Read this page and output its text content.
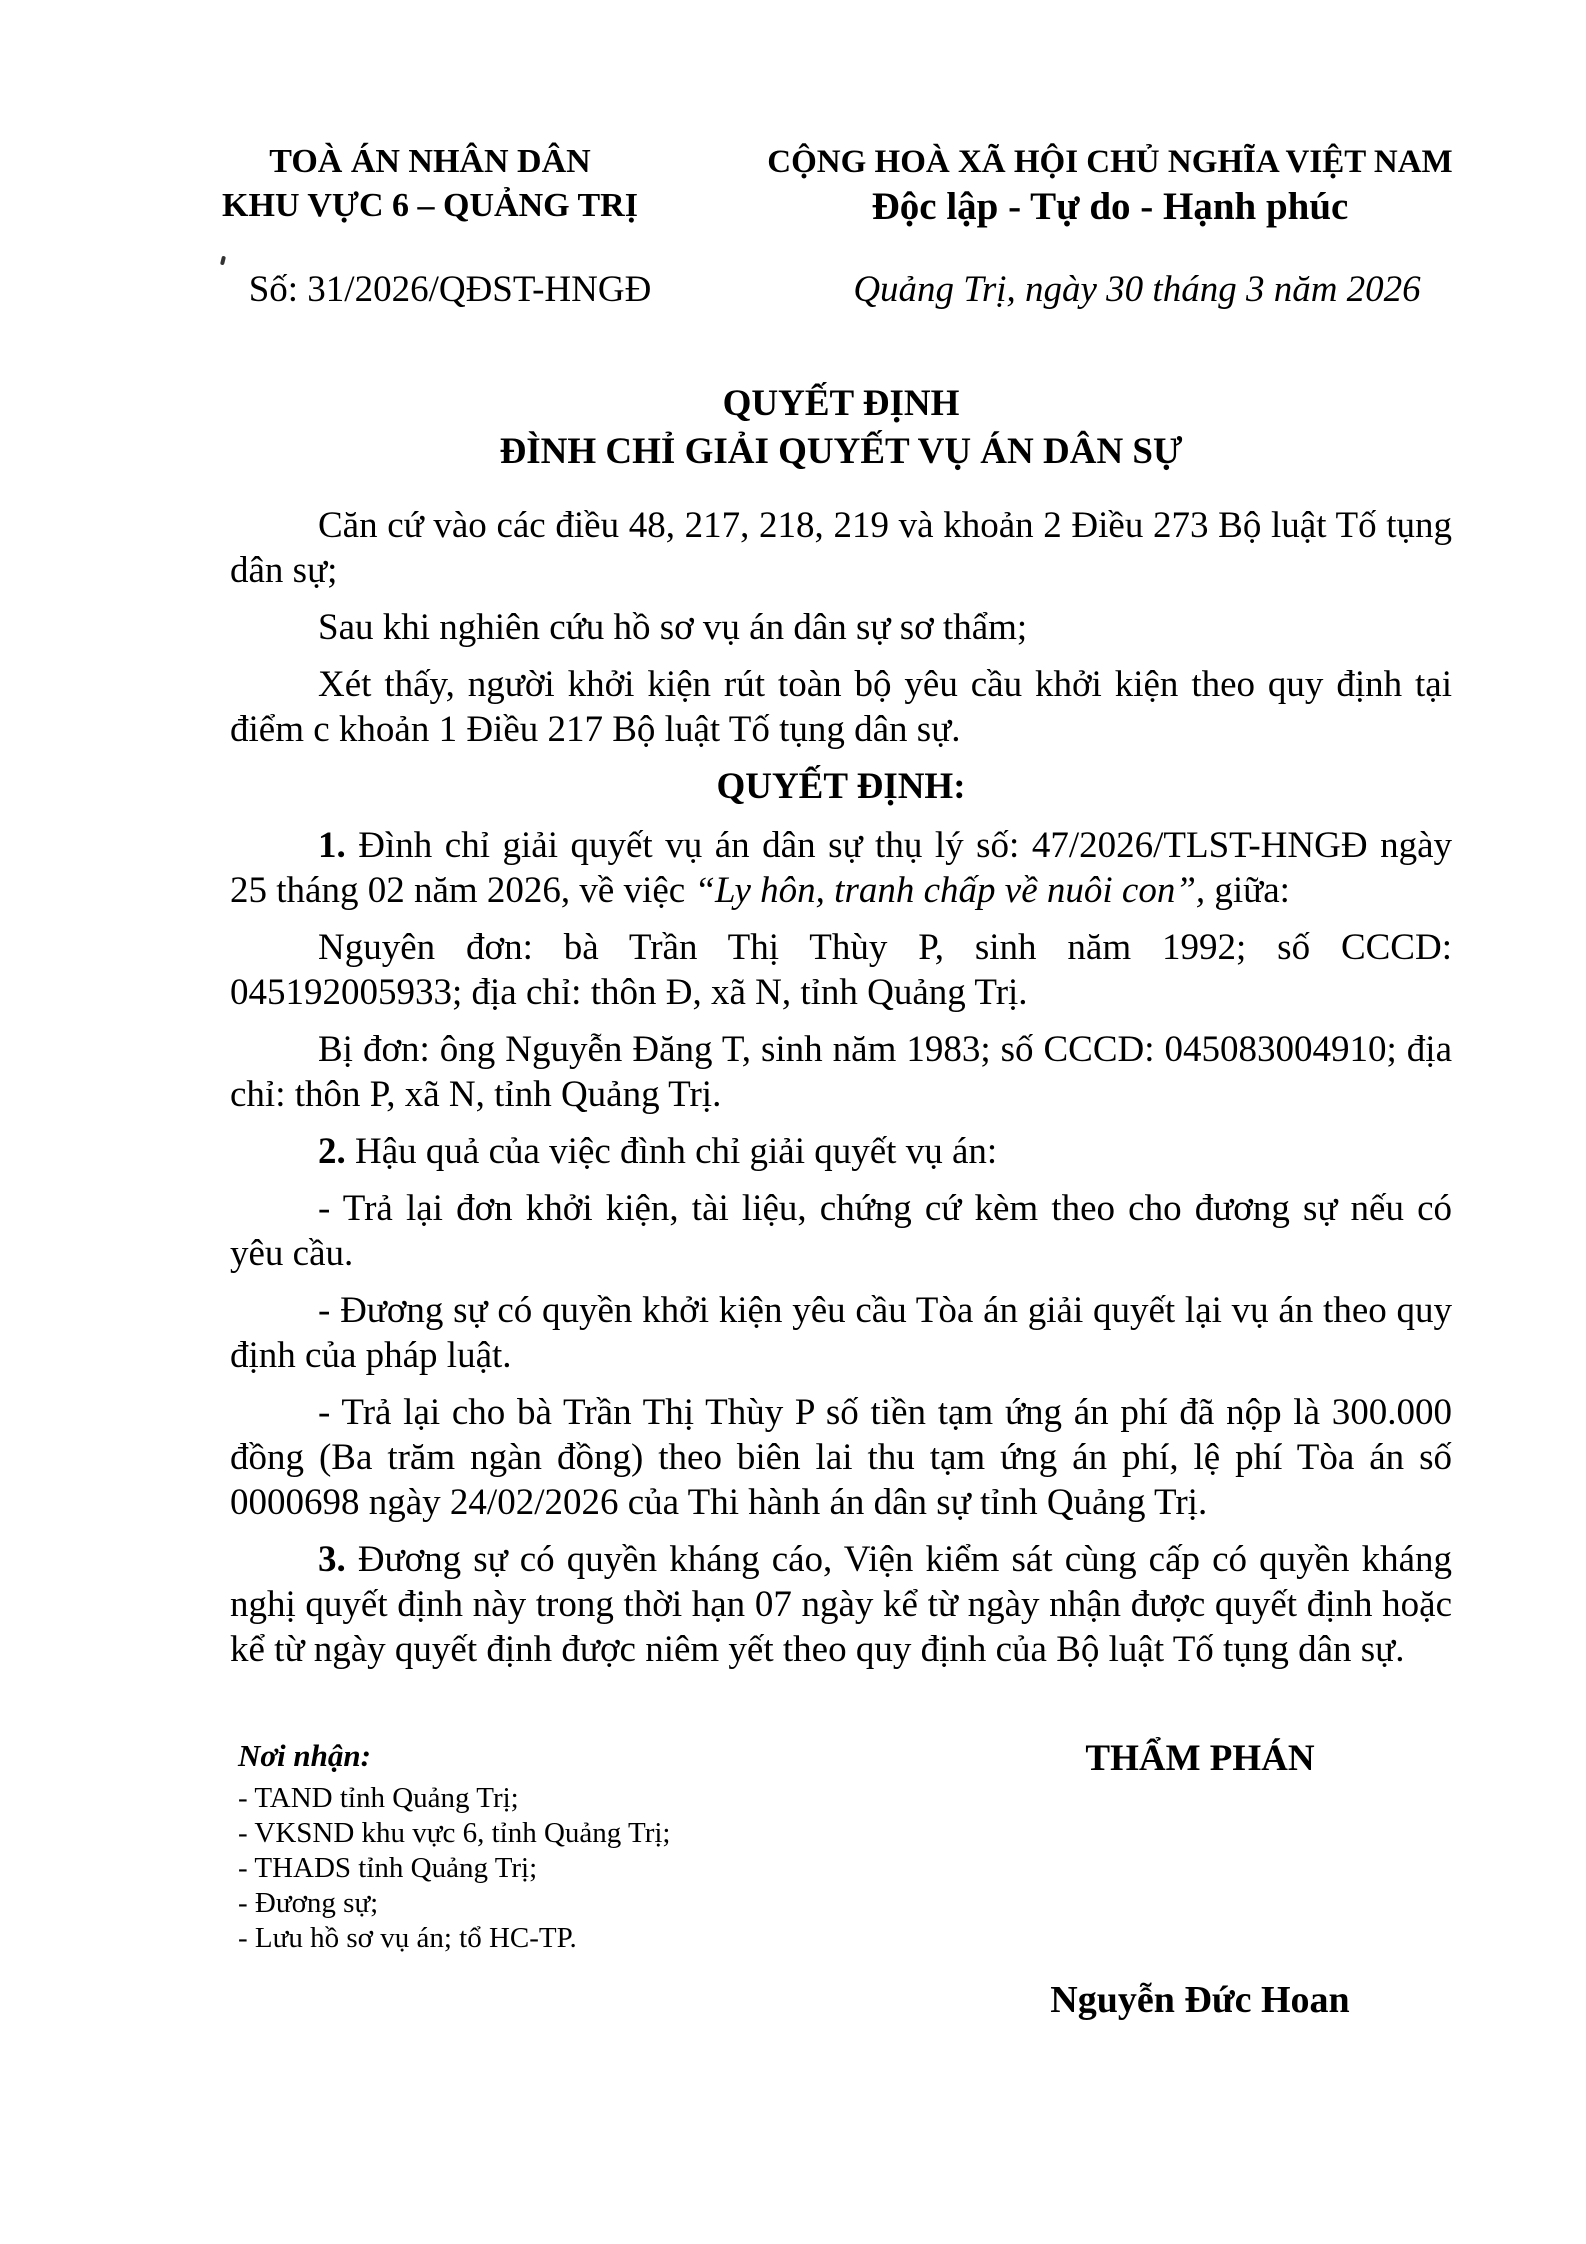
TOÀ ÁN NHÂN DÂN
KHU VỰC 6 – QUẢNG TRỊ
CỘNG HOÀ XÃ HỘI CHỦ NGHĨA VIỆT NAM
Độc lập - Tự do - Hạnh phúc
Số: 31/2026/QĐST-HNGĐ	Quảng Trị, ngày 30 tháng 3 năm 2026
QUYẾT ĐỊNH
ĐÌNH CHỈ GIẢI QUYẾT VỤ ÁN DÂN SỰ

Căn cứ vào các điều 48, 217, 218, 219 và khoản 2 Điều 273 Bộ luật Tố tụng dân sự;

Sau khi nghiên cứu hồ sơ vụ án dân sự sơ thẩm;

Xét thấy, người khởi kiện rút toàn bộ yêu cầu khởi kiện theo quy định tại điểm c khoản 1 Điều 217 Bộ luật Tố tụng dân sự.

QUYẾT ĐỊNH:

1. Đình chỉ giải quyết vụ án dân sự thụ lý số: 47/2026/TLST-HNGĐ ngày 25 tháng 02 năm 2026, về việc “Ly hôn, tranh chấp về nuôi con”, giữa:

Nguyên đơn: bà Trần Thị Thùy P, sinh năm 1992; số CCCD: 045192005933; địa chỉ: thôn Đ, xã N, tỉnh Quảng Trị.

Bị đơn: ông Nguyễn Đăng T, sinh năm 1983; số CCCD: 045083004910; địa chỉ: thôn P, xã N, tỉnh Quảng Trị.

2. Hậu quả của việc đình chỉ giải quyết vụ án:

- Trả lại đơn khởi kiện, tài liệu, chứng cứ kèm theo cho đương sự nếu có yêu cầu.

- Đương sự có quyền khởi kiện yêu cầu Tòa án giải quyết lại vụ án theo quy định của pháp luật.

- Trả lại cho bà Trần Thị Thùy P số tiền tạm ứng án phí đã nộp là 300.000 đồng (Ba trăm ngàn đồng) theo biên lai thu tạm ứng án phí, lệ phí Tòa án số 0000698 ngày 24/02/2026 của Thi hành án dân sự tỉnh Quảng Trị.

3. Đương sự có quyền kháng cáo, Viện kiểm sát cùng cấp có quyền kháng nghị quyết định này trong thời hạn 07 ngày kể từ ngày nhận được quyết định hoặc kể từ ngày quyết định được niêm yết theo quy định của Bộ luật Tố tụng dân sự.

Nơi nhận:
- TAND tỉnh Quảng Trị;
- VKSND khu vực 6, tỉnh Quảng Trị;
- THADS tỉnh Quảng Trị;
- Đương sự;
- Lưu hồ sơ vụ án; tổ HC-TP.
THẨM PHÁN
Nguyễn Đức Hoan
